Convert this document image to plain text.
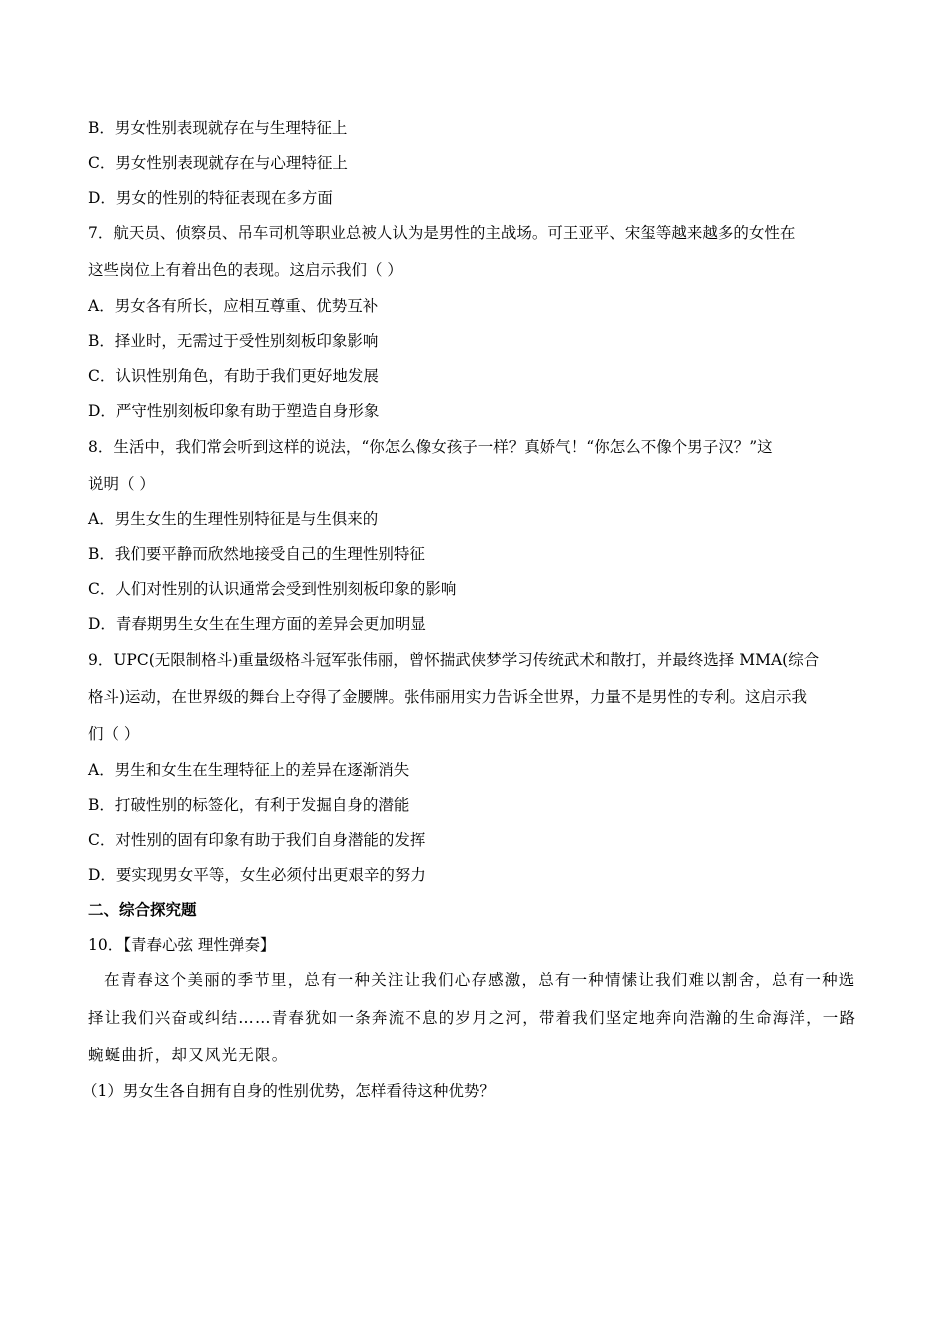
B．男女性别表现就存在与生理特征上
C．男女性别表现就存在与心理特征上
D．男女的性别的特征表现在多方面
7．航天员、侦察员、吊车司机等职业总被人认为是男性的主战场。可王亚平、宋玺等越来越多的女性在
这些岗位上有着出色的表现。这启示我们（ ）
A．男女各有所长，应相互尊重、优势互补
B．择业时，无需过于受性别刻板印象影响
C．认识性别角色，有助于我们更好地发展
D．严守性别刻板印象有助于塑造自身形象
8．生活中，我们常会听到这样的说法，“你怎么像女孩子一样？真娇气！“你怎么不像个男子汉？”这
说明（ ）
A．男生女生的生理性别特征是与生俱来的
B．我们要平静而欣然地接受自己的生理性别特征
C．人们对性别的认识通常会受到性别刻板印象的影响
D．青春期男生女生在生理方面的差异会更加明显
9．UPC(无限制格斗)重量级格斗冠军张伟丽，曾怀揣武侠梦学习传统武术和散打，并最终选择 MMA(综合
格斗)运动，在世界级的舞台上夺得了金腰牌。张伟丽用实力告诉全世界，力量不是男性的专利。这启示我
们（ ）
A．男生和女生在生理特征上的差异在逐渐消失
B．打破性别的标签化，有利于发掘自身的潜能
C．对性别的固有印象有助于我们自身潜能的发挥
D．要实现男女平等，女生必须付出更艰辛的努力
二、综合探究题
10．【青春心弦 理性弹奏】
在青春这个美丽的季节里，总有一种关注让我们心存感激，总有一种情愫让我们难以割舍，总有一种选
择让我们兴奋或纠结……青春犹如一条奔流不息的岁月之河，带着我们坚定地奔向浩瀚的生命海洋，一路
蜿蜒曲折，却又风光无限。
（1）男女生各自拥有自身的性别优势，怎样看待这种优势？
